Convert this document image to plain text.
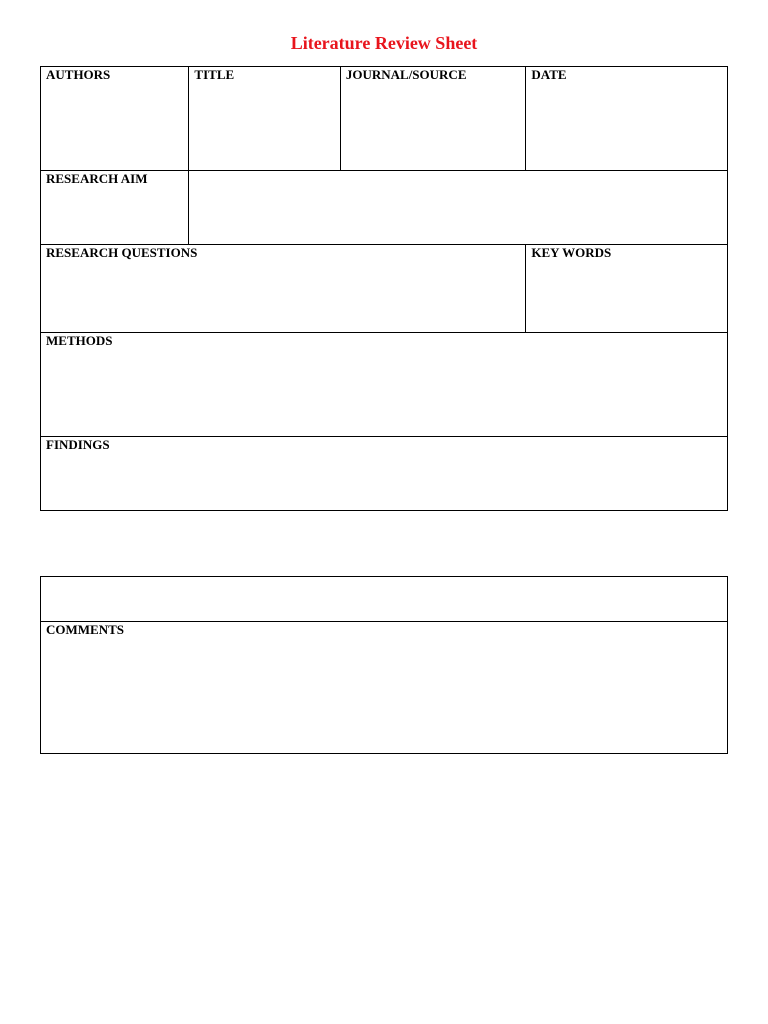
Literature Review Sheet
AUTHORS	TITLE	JOURNAL/SOURCE	DATE

RESEARCH AIM			

RESEARCH QUESTIONS			KEY WORDS

METHODS			

FINDINGS			

COMMENTS
